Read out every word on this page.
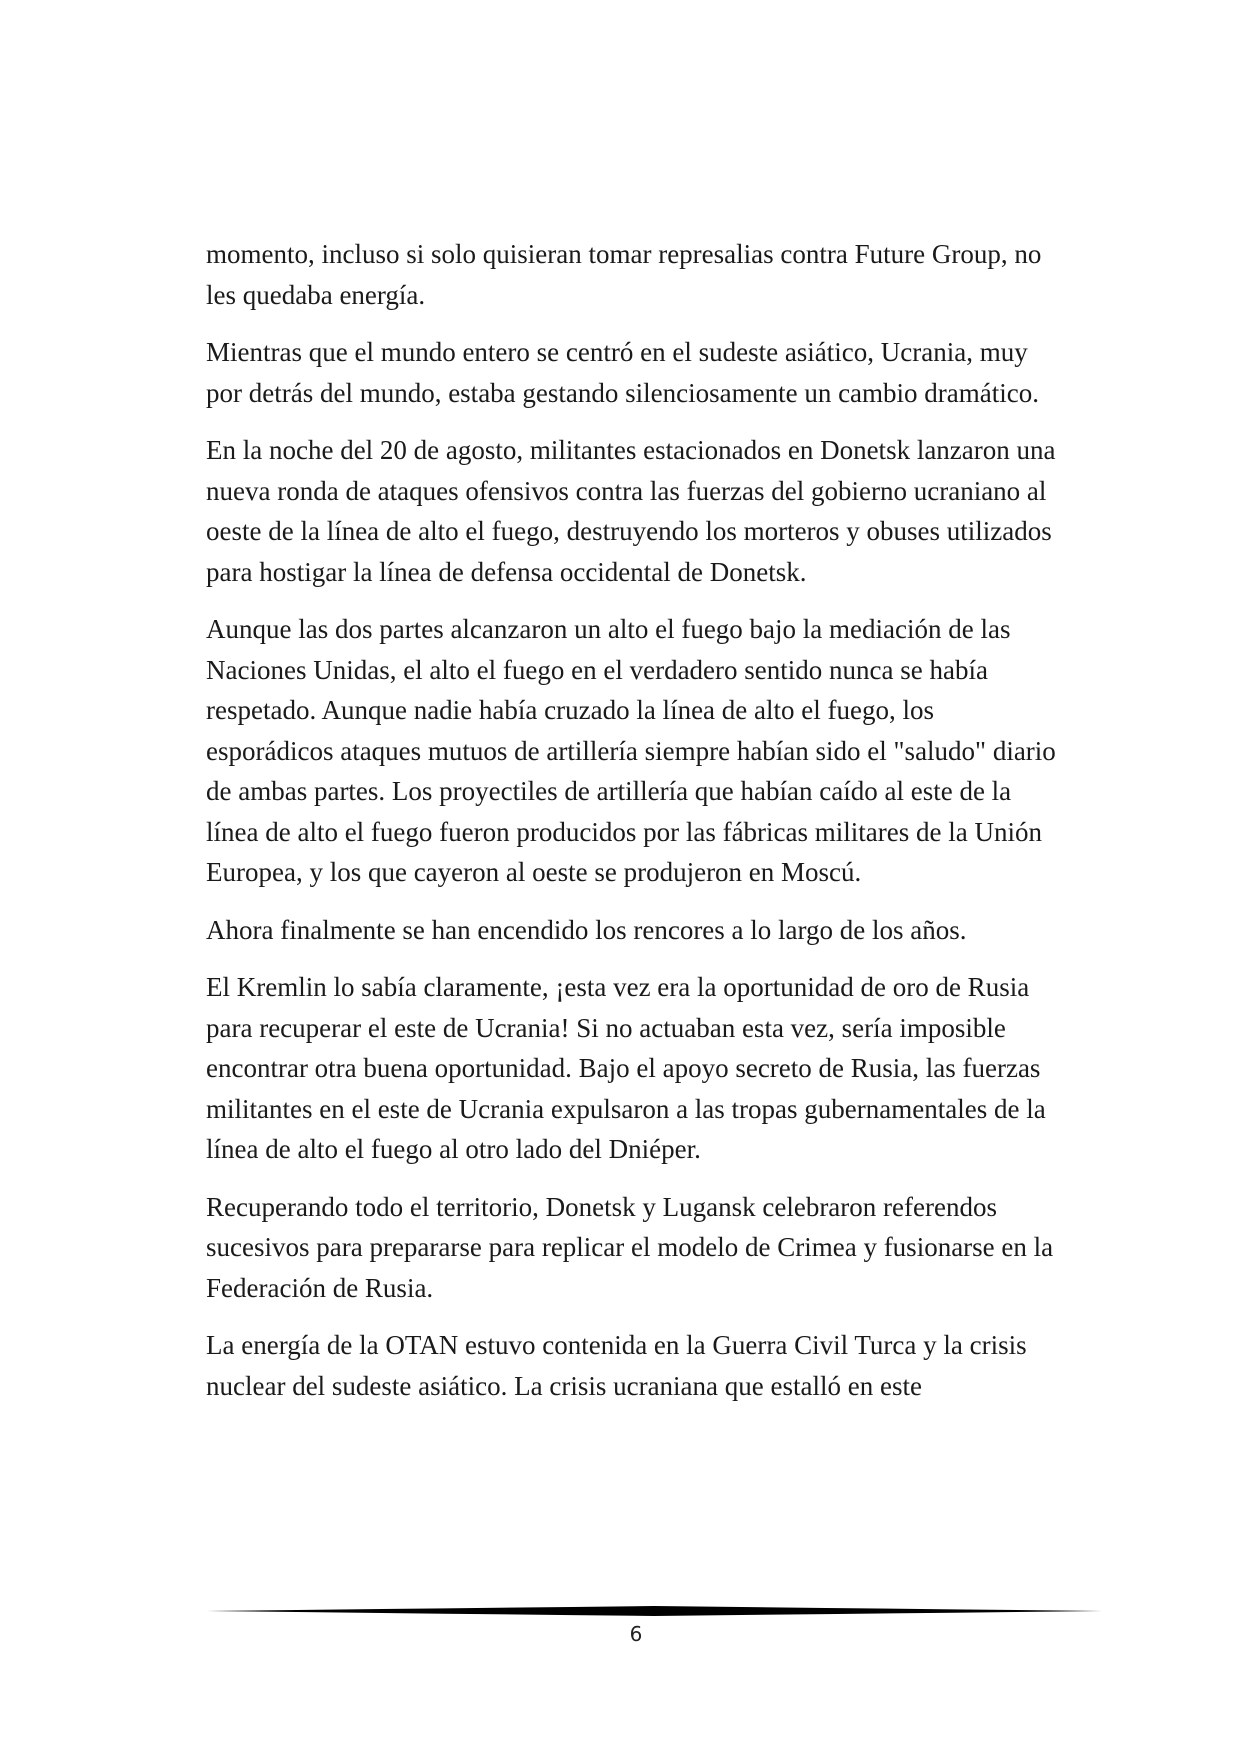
momento, incluso si solo quisieran tomar represalias contra Future Group, no les quedaba energía.

Mientras que el mundo entero se centró en el sudeste asiático, Ucrania, muy por detrás del mundo, estaba gestando silenciosamente un cambio dramático.

En la noche del 20 de agosto, militantes estacionados en Donetsk lanzaron una nueva ronda de ataques ofensivos contra las fuerzas del gobierno ucraniano al oeste de la línea de alto el fuego, destruyendo los morteros y obuses utilizados para hostigar la línea de defensa occidental de Donetsk.

Aunque las dos partes alcanzaron un alto el fuego bajo la mediación de las Naciones Unidas, el alto el fuego en el verdadero sentido nunca se había respetado. Aunque nadie había cruzado la línea de alto el fuego, los esporádicos ataques mutuos de artillería siempre habían sido el "saludo" diario de ambas partes. Los proyectiles de artillería que habían caído al este de la línea de alto el fuego fueron producidos por las fábricas militares de la Unión Europea, y los que cayeron al oeste se produjeron en Moscú.

Ahora finalmente se han encendido los rencores a lo largo de los años.

El Kremlin lo sabía claramente, ¡esta vez era la oportunidad de oro de Rusia para recuperar el este de Ucrania! Si no actuaban esta vez, sería imposible encontrar otra buena oportunidad. Bajo el apoyo secreto de Rusia, las fuerzas militantes en el este de Ucrania expulsaron a las tropas gubernamentales de la línea de alto el fuego al otro lado del Dniéper.

Recuperando todo el territorio, Donetsk y Lugansk celebraron referendos sucesivos para prepararse para replicar el modelo de Crimea y fusionarse en la Federación de Rusia.

La energía de la OTAN estuvo contenida en la Guerra Civil Turca y la crisis nuclear del sudeste asiático. La crisis ucraniana que estalló en este

6
